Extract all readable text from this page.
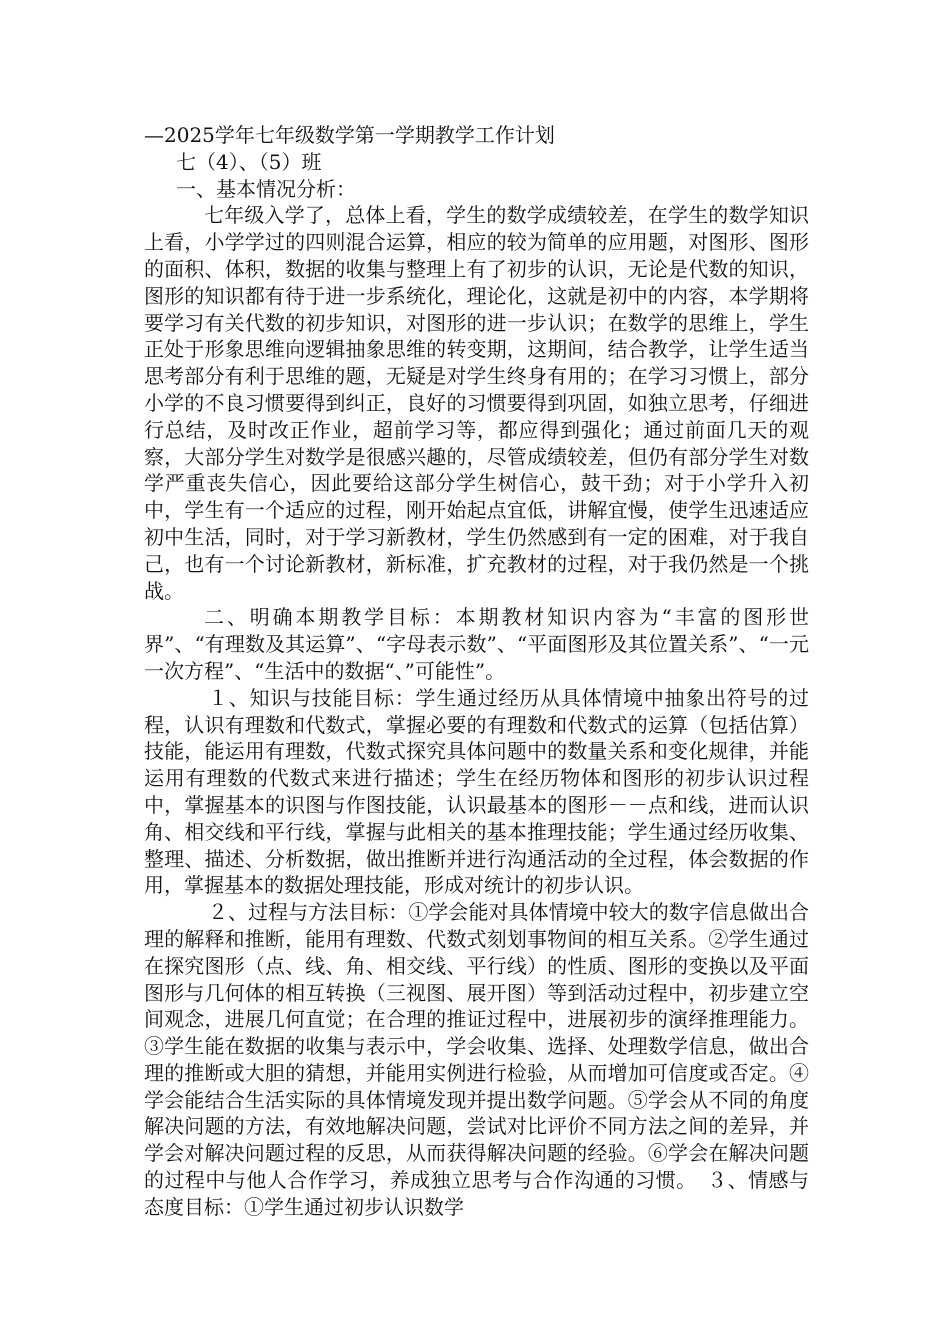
—2025学年七年级数学第一学期教学工作计划

七（4）、（5）班

一、基本情况分析：

七年级入学了，总体上看，学生的数学成绩较差，在学生的数学知识上看，小学学过的四则混合运算，相应的较为简单的应用题，对图形、图形的面积、体积，数据的收集与整理上有了初步的认识，无论是代数的知识，图形的知识都有待于进一步系统化，理论化，这就是初中的内容，本学期将要学习有关代数的初步知识，对图形的进一步认识；在数学的思维上，学生正处于形象思维向逻辑抽象思维的转变期，这期间，结合教学，让学生适当思考部分有利于思维的题，无疑是对学生终身有用的；在学习习惯上，部分小学的不良习惯要得到纠正，良好的习惯要得到巩固，如独立思考，仔细进行总结，及时改正作业，超前学习等，都应得到强化；通过前面几天的观察，大部分学生对数学是很感兴趣的，尽管成绩较差，但仍有部分学生对数学严重丧失信心，因此要给这部分学生树信心，鼓干劲；对于小学升入初中，学生有一个适应的过程，刚开始起点宜低，讲解宜慢，使学生迅速适应初中生活，同时，对于学习新教材，学生仍然感到有一定的困难，对于我自己，也有一个讨论新教材，新标准，扩充教材的过程，对于我仍然是一个挑战。

二、明确本期教学目标：本期教材知识内容为“丰富的图形世界”、“有理数及其运算”、“字母表示数”、“平面图形及其位置关系”、“一元一次方程”、“生活中的数据“、”可能性”。

１、知识与技能目标：学生通过经历从具体情境中抽象出符号的过程，认识有理数和代数式，掌握必要的有理数和代数式的运算（包括估算）技能，能运用有理数，代数式探究具体问题中的数量关系和变化规律，并能运用有理数的代数式来进行描述；学生在经历物体和图形的初步认识过程中，掌握基本的识图与作图技能，认识最基本的图形－－点和线，进而认识角、相交线和平行线，掌握与此相关的基本推理技能；学生通过经历收集、整理、描述、分析数据，做出推断并进行沟通活动的全过程，体会数据的作用，掌握基本的数据处理技能，形成对统计的初步认识。

２、过程与方法目标：①学会能对具体情境中较大的数字信息做出合理的解释和推断，能用有理数、代数式刻划事物间的相互关系。②学生通过在探究图形（点、线、角、相交线、平行线）的性质、图形的变换以及平面图形与几何体的相互转换（三视图、展开图）等到活动过程中，初步建立空间观念，进展几何直觉；在合理的推证过程中，进展初步的演绎推理能力。③学生能在数据的收集与表示中，学会收集、选择、处理数学信息，做出合理的推断或大胆的猜想，并能用实例进行检验，从而增加可信度或否定。④学会能结合生活实际的具体情境发现并提出数学问题。⑤学会从不同的角度解决问题的方法，有效地解决问题，尝试对比评价不同方法之间的差异，并学会对解决问题过程的反思，从而获得解决问题的经验。⑥学会在解决问题的过程中与他人合作学习，养成独立思考与合作沟通的习惯。　３、情感与态度目标：①学生通过初步认识数学
